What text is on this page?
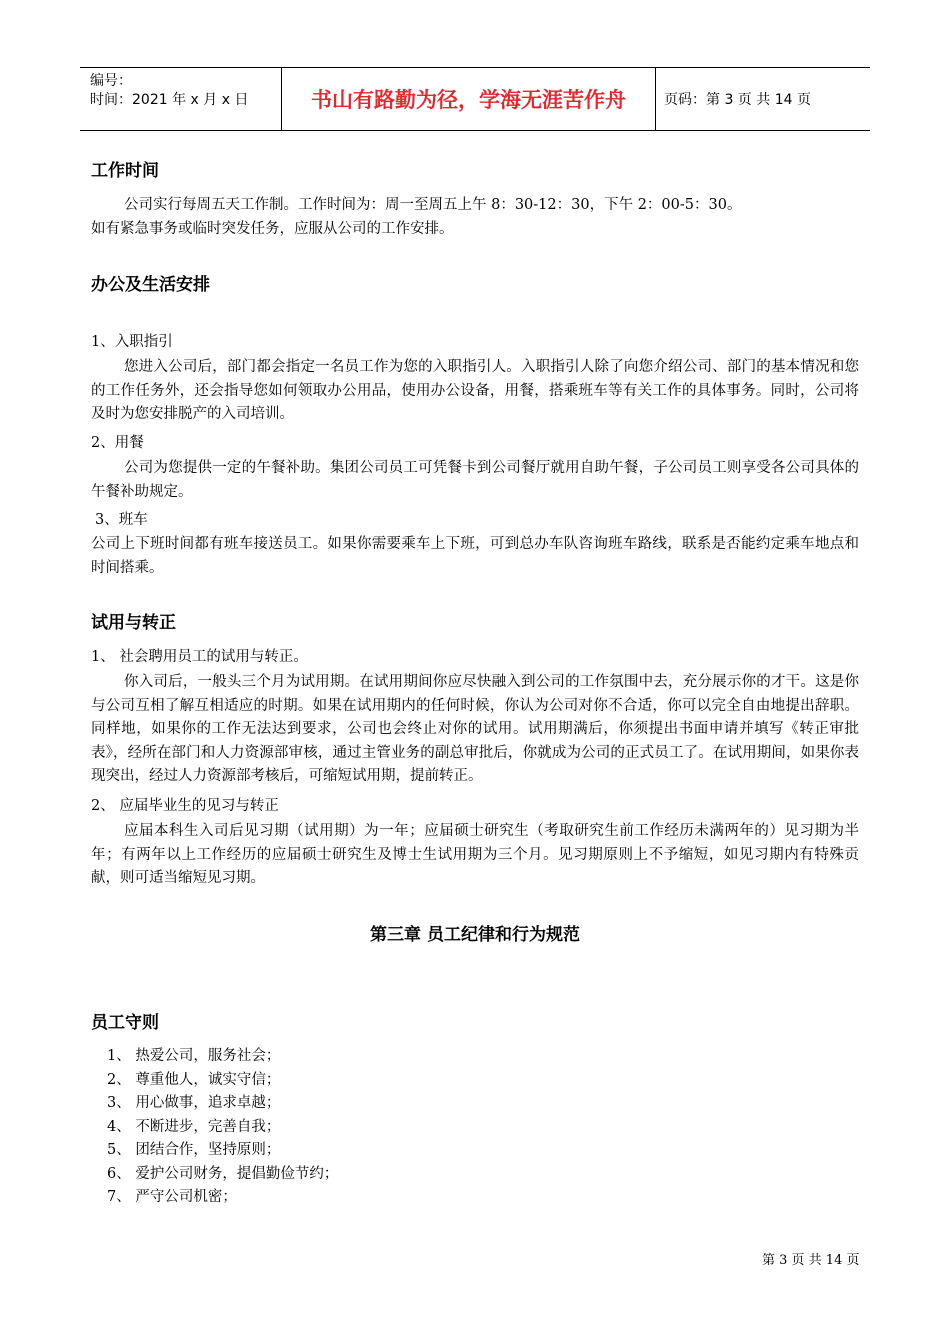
编号：
时间：2021 年 x 月 x 日	书山有路勤为径，学海无涯苦作舟	页码：第 3 页 共 14 页
工作时间
公司实行每周五天工作制。工作时间为：周一至周五上午 8：30-12：30，下午 2：00-5：30。
如有紧急事务或临时突发任务，应服从公司的工作安排。
办公及生活安排
1、入职指引
您进入公司后，部门都会指定一名员工作为您的入职指引人。入职指引人除了向您介绍公司、部门的基本情况和您的工作任务外，还会指导您如何领取办公用品，使用办公设备，用餐，搭乘班车等有关工作的具体事务。同时，公司将及时为您安排脱产的入司培训。
2、用餐
公司为您提供一定的午餐补助。集团公司员工可凭餐卡到公司餐厅就用自助午餐，子公司员工则享受各公司具体的午餐补助规定。
3、班车
公司上下班时间都有班车接送员工。如果你需要乘车上下班，可到总办车队咨询班车路线，联系是否能约定乘车地点和时间搭乘。
试用与转正
1、 社会聘用员工的试用与转正。
你入司后，一般头三个月为试用期。在试用期间你应尽快融入到公司的工作氛围中去，充分展示你的才干。这是你与公司互相了解互相适应的时期。如果在试用期内的任何时候，你认为公司对你不合适，你可以完全自由地提出辞职。同样地，如果你的工作无法达到要求，公司也会终止对你的试用。试用期满后，你须提出书面申请并填写《转正审批表》，经所在部门和人力资源部审核，通过主管业务的副总审批后，你就成为公司的正式员工了。在试用期间，如果你表现突出，经过人力资源部考核后，可缩短试用期，提前转正。
2、 应届毕业生的见习与转正
应届本科生入司后见习期（试用期）为一年；应届硕士研究生（考取研究生前工作经历未满两年的）见习期为半年；有两年以上工作经历的应届硕士研究生及博士生试用期为三个月。见习期原则上不予缩短，如见习期内有特殊贡献，则可适当缩短见习期。
第三章 员工纪律和行为规范
员工守则
1、 热爱公司，服务社会；
2、 尊重他人，诚实守信；
3、 用心做事，追求卓越；
4、 不断进步，完善自我；
5、 团结合作，坚持原则；
6、 爱护公司财务，提倡勤俭节约；
7、 严守公司机密；
第 3 页 共 14 页
